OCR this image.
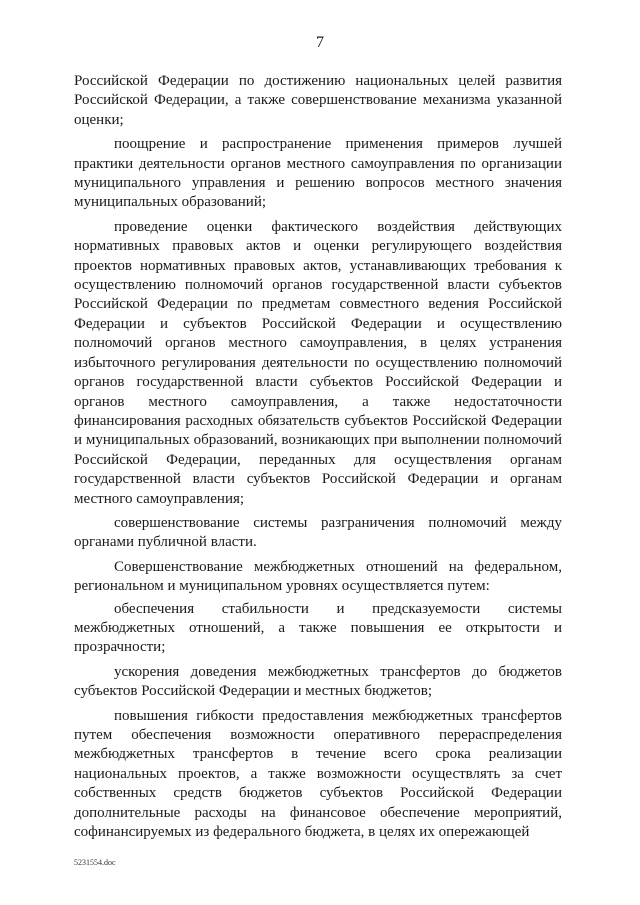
7

Российской Федерации по достижению национальных целей развития Российской Федерации, а также совершенствование механизма указанной оценки;

поощрение и распространение применения примеров лучшей практики деятельности органов местного самоуправления по организации муниципального управления и решению вопросов местного значения муниципальных образований;

проведение оценки фактического воздействия действующих нормативных правовых актов и оценки регулирующего воздействия проектов нормативных правовых актов, устанавливающих требования к осуществлению полномочий органов государственной власти субъектов Российской Федерации по предметам совместного ведения Российской Федерации и субъектов Российской Федерации и осуществлению полномочий органов местного самоуправления, в целях устранения избыточного регулирования деятельности по осуществлению полномочий органов государственной власти субъектов Российской Федерации и органов местного самоуправления, а также недостаточности финансирования расходных обязательств субъектов Российской Федерации и муниципальных образований, возникающих при выполнении полномочий Российской Федерации, переданных для осуществления органам государственной власти субъектов Российской Федерации и органам местного самоуправления;

совершенствование системы разграничения полномочий между органами публичной власти.

Совершенствование межбюджетных отношений на федеральном, региональном и муниципальном уровнях осуществляется путем:

обеспечения стабильности и предсказуемости системы межбюджетных отношений, а также повышения ее открытости и прозрачности;

ускорения доведения межбюджетных трансфертов до бюджетов субъектов Российской Федерации и местных бюджетов;

повышения гибкости предоставления межбюджетных трансфертов путем обеспечения возможности оперативного перераспределения межбюджетных трансфертов в течение всего срока реализации национальных проектов, а также возможности осуществлять за счет собственных средств бюджетов субъектов Российской Федерации дополнительные расходы на финансовое обеспечение мероприятий, софинансируемых из федерального бюджета, в целях их опережающей

5231554.doc
